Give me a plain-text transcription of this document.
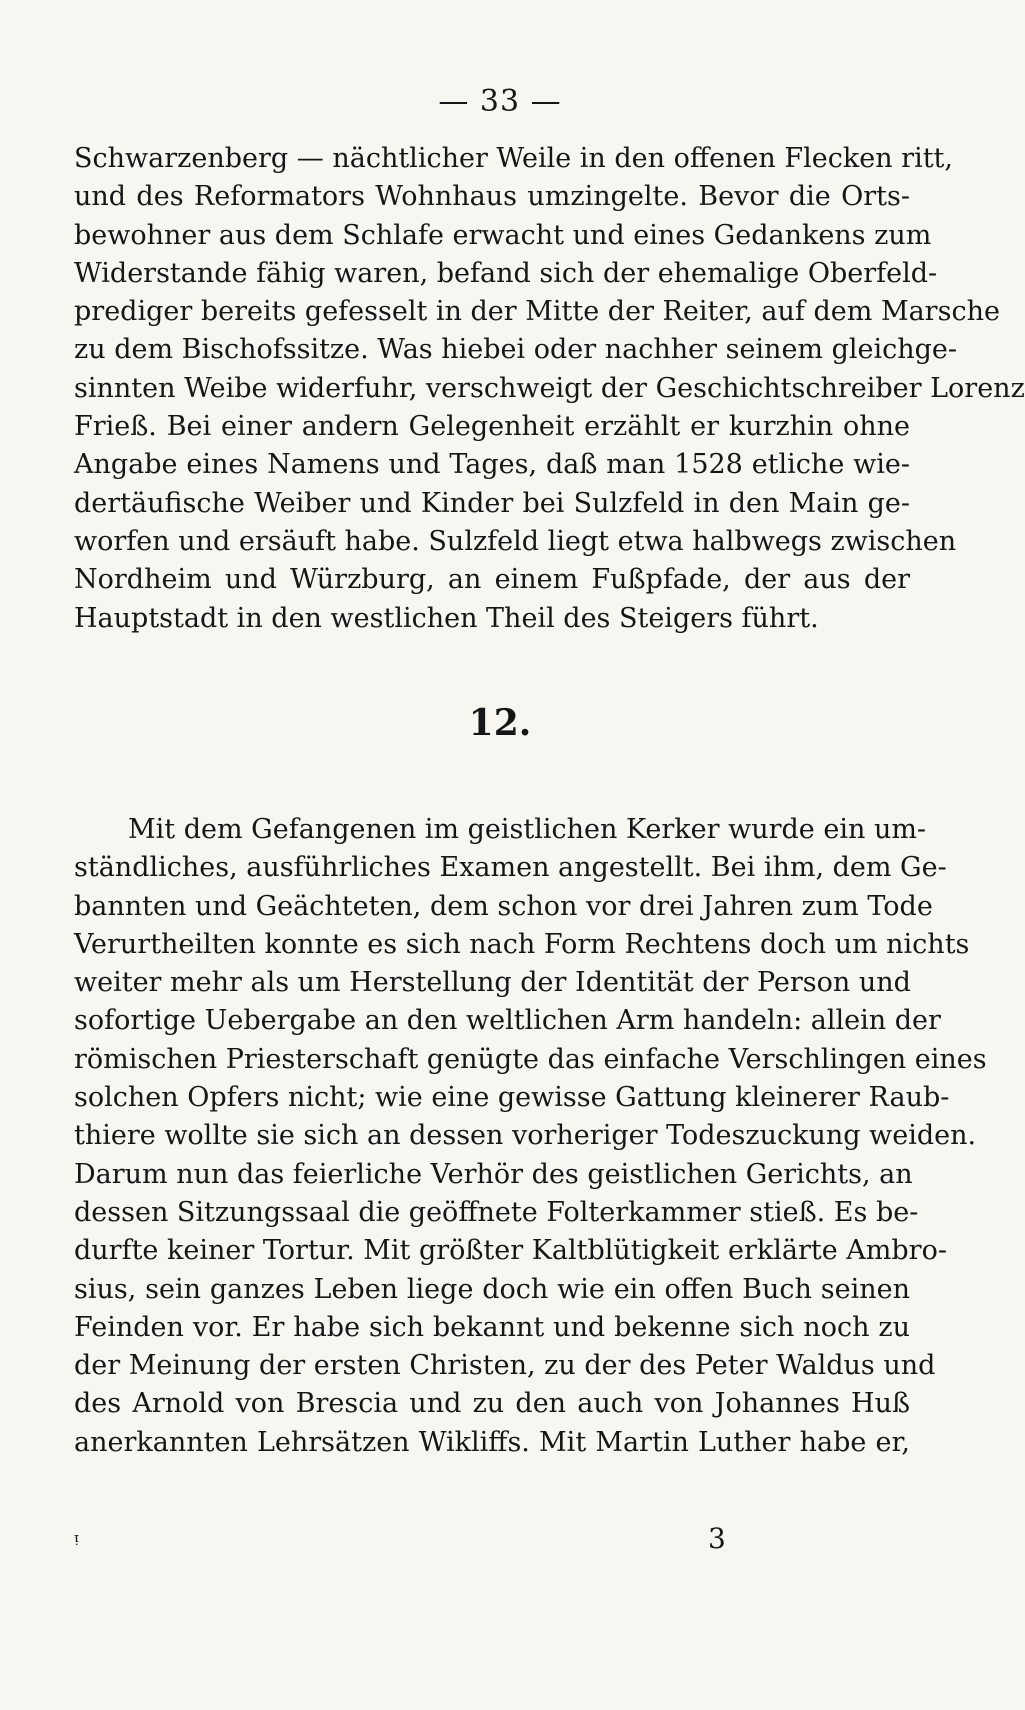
— 33 —
Schwarzenberg — nächtlicher Weile in den offenen Flecken ritt,
und des Reformators Wohnhaus umzingelte. Bevor die Orts-
bewohner aus dem Schlafe erwacht und eines Gedankens zum
Widerstande fähig waren, befand sich der ehemalige Oberfeld-
prediger bereits gefesselt in der Mitte der Reiter, auf dem Marsche
zu dem Bischofssitze. Was hiebei oder nachher seinem gleichge-
sinnten Weibe widerfuhr, verschweigt der Geschichtschreiber Lorenz
Frieß. Bei einer andern Gelegenheit erzählt er kurzhin ohne
Angabe eines Namens und Tages, daß man 1528 etliche wie-
dertäufische Weiber und Kinder bei Sulzfeld in den Main ge-
worfen und ersäuft habe. Sulzfeld liegt etwa halbwegs zwischen
Nordheim und Würzburg, an einem Fußpfade, der aus der
Hauptstadt in den westlichen Theil des Steigers führt.
12.
Mit dem Gefangenen im geistlichen Kerker wurde ein um-
ständliches, ausführliches Examen angestellt. Bei ihm, dem Ge-
bannten und Geächteten, dem schon vor drei Jahren zum Tode
Verurtheilten konnte es sich nach Form Rechtens doch um nichts
weiter mehr als um Herstellung der Identität der Person und
sofortige Uebergabe an den weltlichen Arm handeln: allein der
römischen Priesterschaft genügte das einfache Verschlingen eines
solchen Opfers nicht; wie eine gewisse Gattung kleinerer Raub-
thiere wollte sie sich an dessen vorheriger Todeszuckung weiden.
Darum nun das feierliche Verhör des geistlichen Gerichts, an
dessen Sitzungssaal die geöffnete Folterkammer stieß. Es be-
durfte keiner Tortur. Mit größter Kaltblütigkeit erklärte Ambro-
sius, sein ganzes Leben liege doch wie ein offen Buch seinen
Feinden vor. Er habe sich bekannt und bekenne sich noch zu
der Meinung der ersten Christen, zu der des Peter Waldus und
des Arnold von Brescia und zu den auch von Johannes Huß
anerkannten Lehrsätzen Wikliffs. Mit Martin Luther habe er,
ᵎ	3
